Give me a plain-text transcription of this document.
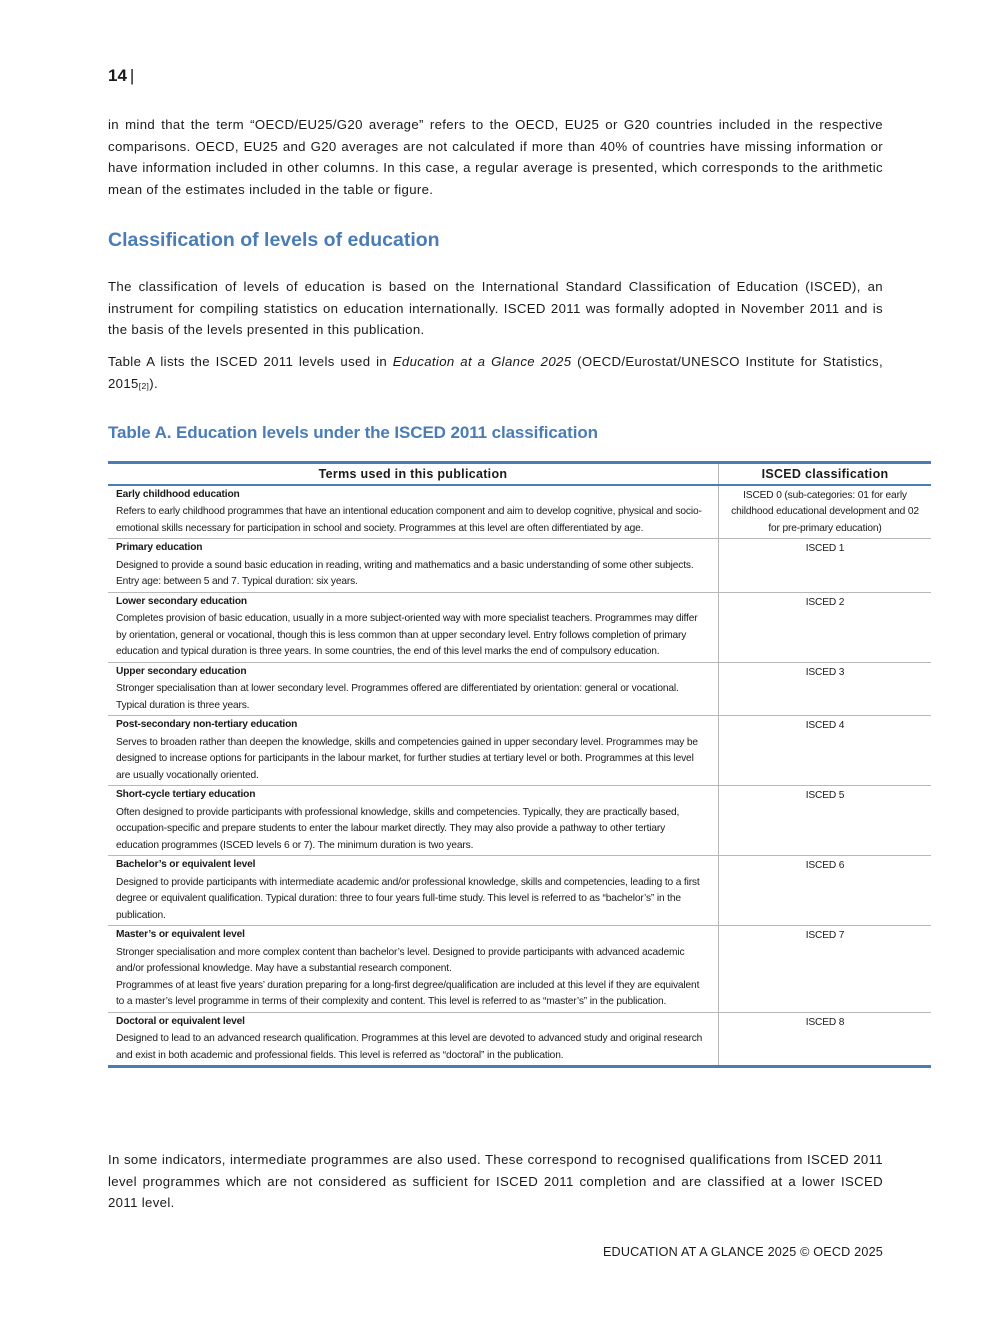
14 |

in mind that the term “OECD/EU25/G20 average” refers to the OECD, EU25 or G20 countries included in the respective comparisons. OECD, EU25 and G20 averages are not calculated if more than 40% of countries have missing information or have information included in other columns. In this case, a regular average is presented, which corresponds to the arithmetic mean of the estimates included in the table or figure.

Classification of levels of education

The classification of levels of education is based on the International Standard Classification of Education (ISCED), an instrument for compiling statistics on education internationally. ISCED 2011 was formally adopted in November 2011 and is the basis of the levels presented in this publication.

Table A lists the ISCED 2011 levels used in Education at a Glance 2025 (OECD/Eurostat/UNESCO Institute for Statistics, 2015[2]).

Table A. Education levels under the ISCED 2011 classification
Terms used in this publication	ISCED classification

Early childhood education
Refers to early childhood programmes that have an intentional education component and aim to develop cognitive, physical and socio-emotional skills necessary for participation in school and society. Programmes at this level are often differentiated by age.	ISCED 0 (sub-categories: 01 for early childhood educational development and 02 for pre-primary education)

Primary education
Designed to provide a sound basic education in reading, writing and mathematics and a basic understanding of some other subjects. Entry age: between 5 and 7. Typical duration: six years.	ISCED 1

Lower secondary education
Completes provision of basic education, usually in a more subject-oriented way with more specialist teachers. Programmes may differ by orientation, general or vocational, though this is less common than at upper secondary level. Entry follows completion of primary education and typical duration is three years. In some countries, the end of this level marks the end of compulsory education.	ISCED 2

Upper secondary education
Stronger specialisation than at lower secondary level. Programmes offered are differentiated by orientation: general or vocational. Typical duration is three years.	ISCED 3

Post-secondary non-tertiary education
Serves to broaden rather than deepen the knowledge, skills and competencies gained in upper secondary level. Programmes may be designed to increase options for participants in the labour market, for further studies at tertiary level or both. Programmes at this level are usually vocationally oriented.	ISCED 4

Short-cycle tertiary education
Often designed to provide participants with professional knowledge, skills and competencies. Typically, they are practically based, occupation-specific and prepare students to enter the labour market directly. They may also provide a pathway to other tertiary education programmes (ISCED levels 6 or 7). The minimum duration is two years.	ISCED 5

Bachelor’s or equivalent level
Designed to provide participants with intermediate academic and/or professional knowledge, skills and competencies, leading to a first degree or equivalent qualification. Typical duration: three to four years full-time study. This level is referred to as “bachelor’s” in the publication.	ISCED 6

Master’s or equivalent level
Stronger specialisation and more complex content than bachelor’s level. Designed to provide participants with advanced academic and/or professional knowledge. May have a substantial research component.
Programmes of at least five years’ duration preparing for a long-first degree/qualification are included at this level if they are equivalent to a master’s level programme in terms of their complexity and content. This level is referred to as “master’s” in the publication.	ISCED 7

Doctoral or equivalent level
Designed to lead to an advanced research qualification. Programmes at this level are devoted to advanced study and original research and exist in both academic and professional fields. This level is referred as “doctoral” in the publication.	ISCED 8

In some indicators, intermediate programmes are also used. These correspond to recognised qualifications from ISCED 2011 level programmes which are not considered as sufficient for ISCED 2011 completion and are classified at a lower ISCED 2011 level.

EDUCATION AT A GLANCE 2025 © OECD 2025
